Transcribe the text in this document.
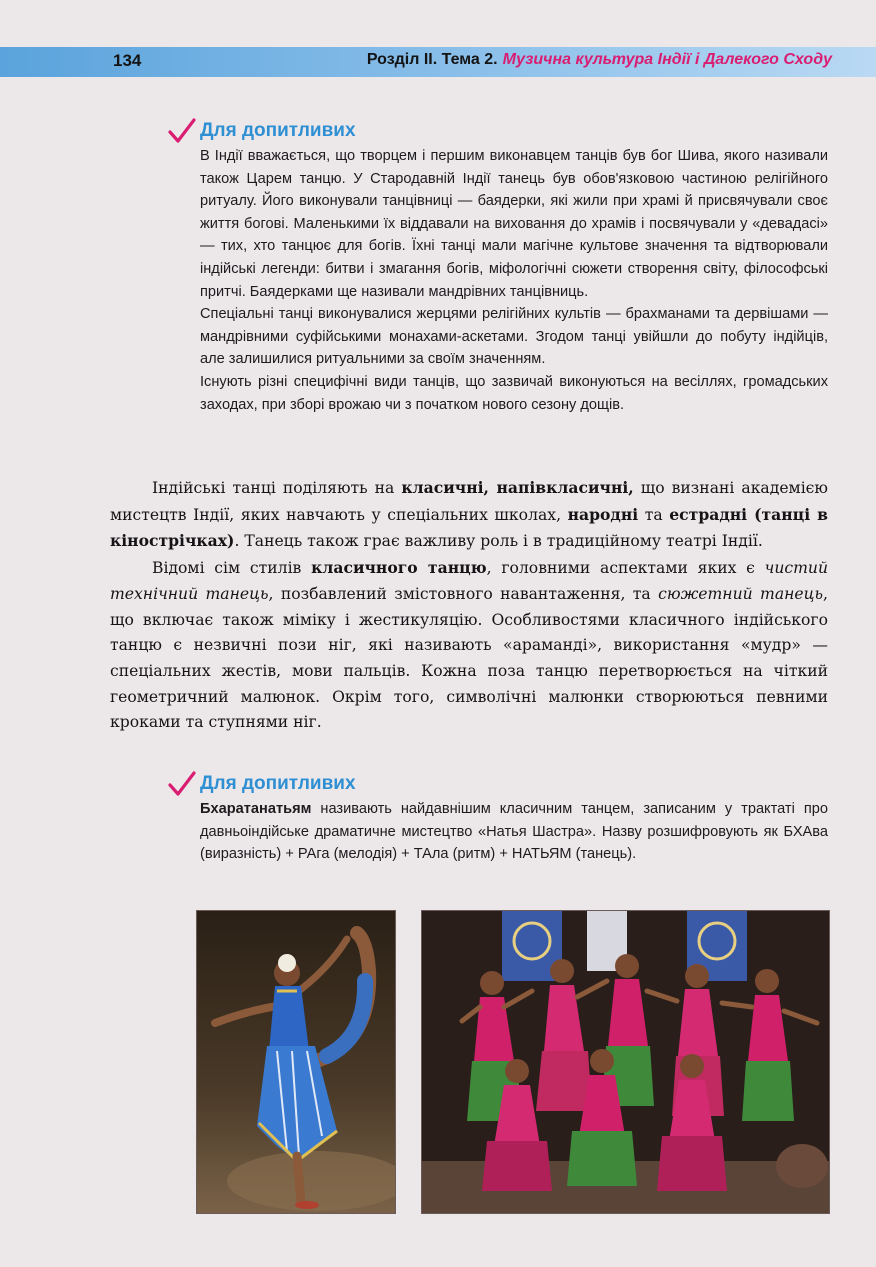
134	Розділ ІІ. Тема 2. Музична культура Індії і Далекого Сходу
Для допитливих

В Індії вважається, що творцем і першим виконавцем танців був бог Шива, якого називали також Царем танцю. У Стародавній Індії танець був обов'язковою частиною релігійного ритуалу. Його виконували танцівниці — баядерки, які жили при храмі й присвячували своє життя богові. Маленькими їх віддавали на виховання до храмів і посвячували у «девадасі» — тих, хто танцює для богів. Їхні танці мали магічне культове значення та відтворювали індійські легенди: битви і змагання богів, міфологічні сюжети створення світу, філософські притчі. Баядерками ще називали мандрівних танцівниць.

Спеціальні танці виконувалися жерцями релігійних культів — брахманами та дервішами — мандрівними суфійськими монахами-аскетами. Згодом танці увійшли до побуту індійців, але залишилися ритуальними за своїм значенням.

Існують різні специфічні види танців, що зазвичай виконуються на весіллях, громадських заходах, при зборі врожаю чи з початком нового сезону дощів.

Індійські танці поділяють на класичні, напівкласичні, що визнані академією мистецтв Індії, яких навчають у спеціальних школах, народні та естрадні (танці в кінострічках). Танець також грає важливу роль і в традиційному театрі Індії.

Відомі сім стилів класичного танцю, головними аспектами яких є чистий технічний танець, позбавлений змістовного навантаження, та сюжетний танець, що включає також міміку і жестикуляцію. Особливостями класичного індійського танцю є незвичні пози ніг, які називають «араманді», використання «мудр» — спеціальних жестів, мови пальців. Кожна поза танцю перетворюється на чіткий геометричний малюнок. Окрім того, символічні малюнки створюються певними кроками та ступнями ніг.

Для допитливих

Бхаратанатьям називають найдавнішим класичним танцем, записаним у трактаті про давньоіндійське драматичне мистецтво «Натья Шастра». Назву розшифровують як БХАва (виразність) + РАга (мелодія) + ТАла (ритм) + НАТЬЯМ (танець).
